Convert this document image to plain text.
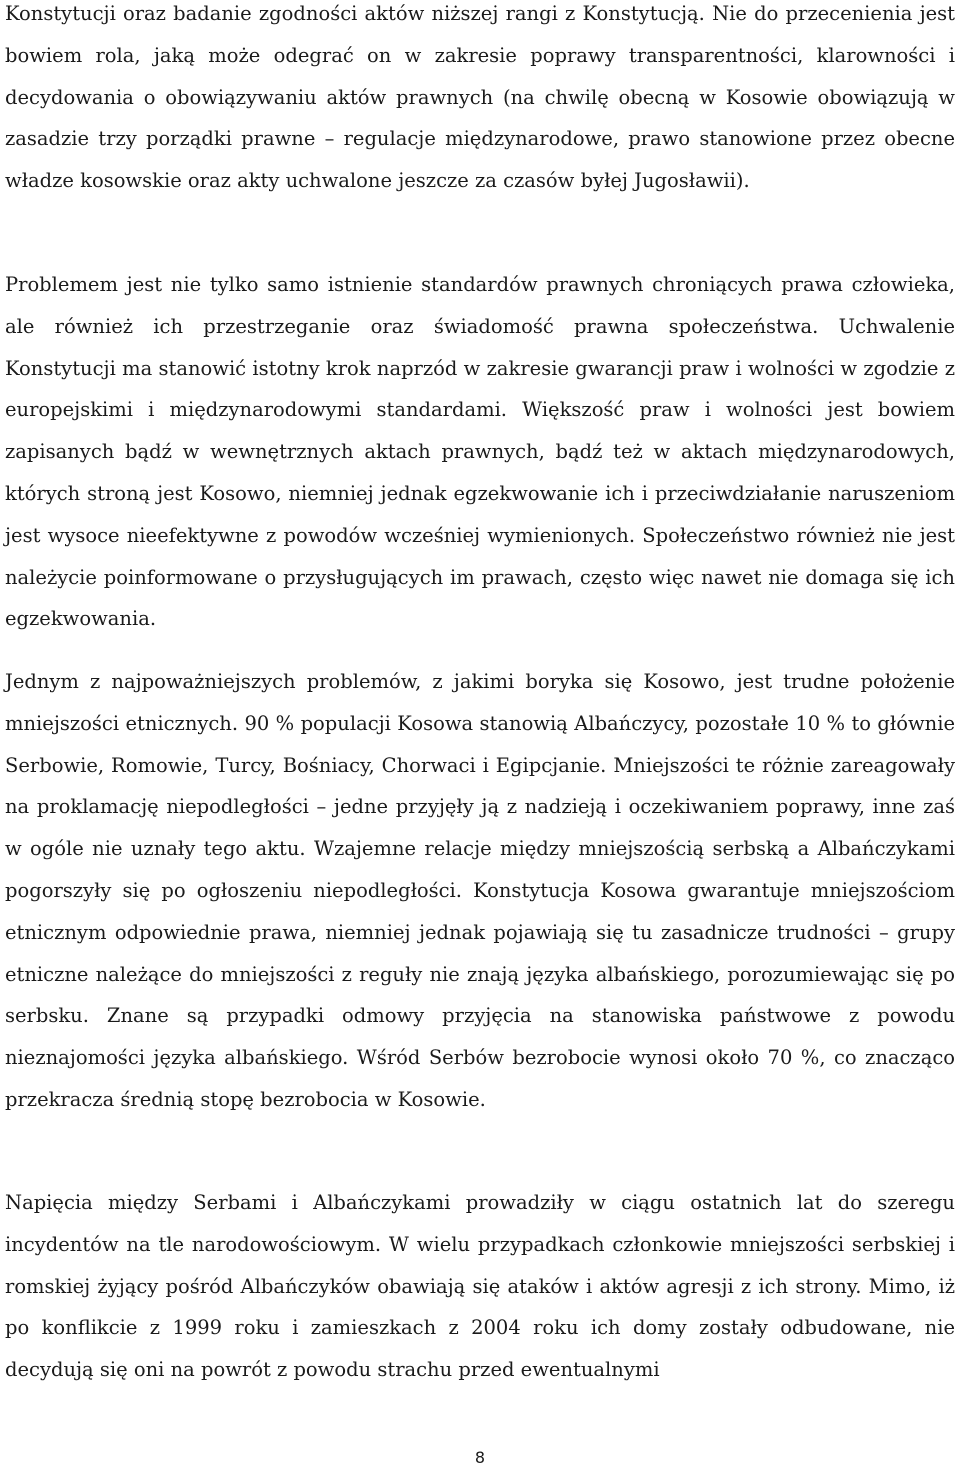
Konstytucji oraz badanie zgodności aktów niższej rangi z Konstytucją. Nie do przecenienia jest bowiem rola, jaką może odegrać on w zakresie poprawy transparentności, klarowności i decydowania o obowiązywaniu aktów prawnych (na chwilę obecną w Kosowie obowiązują w zasadzie trzy porządki prawne – regulacje międzynarodowe, prawo stanowione przez obecne władze kosowskie oraz akty uchwalone jeszcze za czasów byłej Jugosławii).

Problemem jest nie tylko samo istnienie standardów prawnych chroniących prawa człowieka, ale również ich przestrzeganie oraz świadomość prawna społeczeństwa. Uchwalenie Konstytucji ma stanowić istotny krok naprzód w zakresie gwarancji praw i wolności w zgodzie z europejskimi i międzynarodowymi standardami. Większość praw i wolności jest bowiem zapisanych bądź w wewnętrznych aktach prawnych, bądź też w aktach międzynarodowych, których stroną jest Kosowo, niemniej jednak egzekwowanie ich i przeciwdziałanie naruszeniom jest wysoce nieefektywne z powodów wcześniej wymienionych. Społeczeństwo również nie jest należycie poinformowane o przysługujących im prawach, często więc nawet nie domaga się ich egzekwowania.

Jednym z najpoważniejszych problemów, z jakimi boryka się Kosowo, jest trudne położenie mniejszości etnicznych. 90 % populacji Kosowa stanowią Albańczycy, pozostałe 10 % to głównie Serbowie, Romowie, Turcy, Bośniacy, Chorwaci i Egipcjanie. Mniejszości te różnie zareagowały na proklamację niepodległości – jedne przyjęły ją z nadzieją i oczekiwaniem poprawy, inne zaś w ogóle nie uznały tego aktu. Wzajemne relacje między mniejszością serbską a Albańczykami pogorszyły się po ogłoszeniu niepodległości. Konstytucja Kosowa gwarantuje mniejszościom etnicznym odpowiednie prawa, niemniej jednak pojawiają się tu zasadnicze trudności – grupy etniczne należące do mniejszości z reguły nie znają języka albańskiego, porozumiewając się po serbsku. Znane są przypadki odmowy przyjęcia na stanowiska państwowe z powodu nieznajomości języka albańskiego. Wśród Serbów bezrobocie wynosi około 70 %, co znacząco przekracza średnią stopę bezrobocia w Kosowie.

Napięcia między Serbami i Albańczykami prowadziły w ciągu ostatnich lat do szeregu incydentów na tle narodowościowym. W wielu przypadkach członkowie mniejszości serbskiej i romskiej żyjący pośród Albańczyków obawiają się ataków i aktów agresji z ich strony. Mimo, iż po konflikcie z 1999 roku i zamieszkach z 2004 roku ich domy zostały odbudowane, nie decydują się oni na powrót z powodu strachu przed ewentualnymi

8
